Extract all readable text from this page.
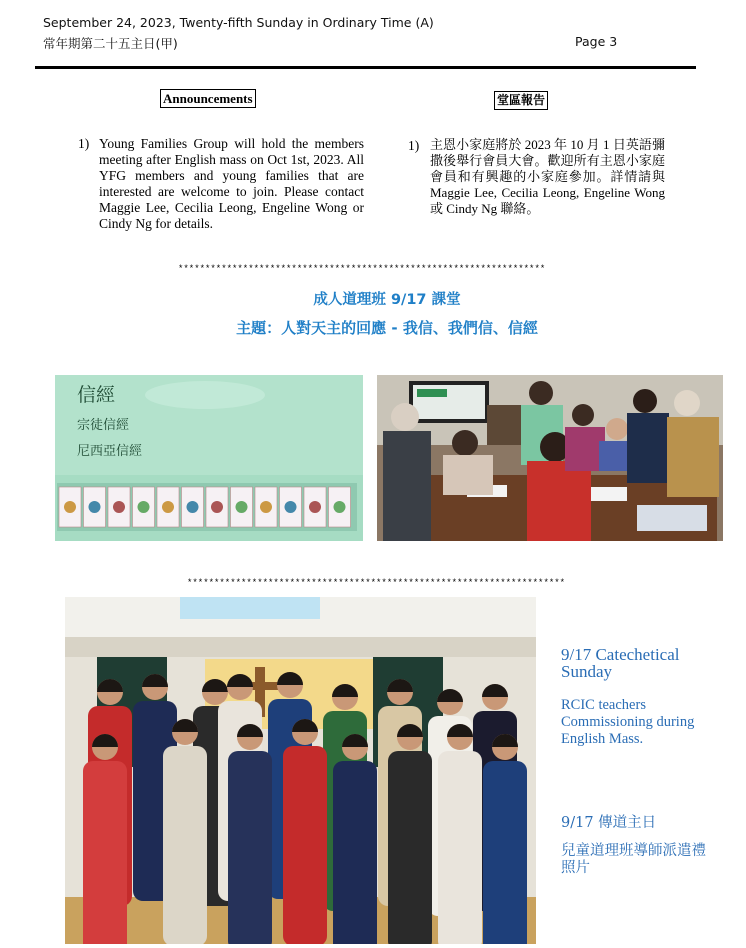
September 24, 2023, Twenty-fifth Sunday in Ordinary Time (A)
常年期第二十五主日(甲)	Page 3
Announcements	堂區報告
1) Young Families Group will hold the members meeting after English mass on Oct 1st, 2023. All YFG members and young families that are interested are welcome to join. Please contact Maggie Lee, Cecilia Leong, Engeline Wong or Cindy Ng for details.
1) 主恩小家庭將於 2023 年 10 月 1 日英語彌撒後舉行會員大會。歡迎所有主恩小家庭會員和有興趣的小家庭參加。詳情請與 Maggie Lee, Cecilia Leong, Engeline Wong 或 Cindy Ng 聯絡。
********************************************************************
成人道理班 9/17 課堂
主題：人對天主的回應 - 我信、我們信、信經
信經
宗徒信經
尼西亞信經
**********************************************************************
9/17 Catechetical Sunday
RCIC teachers Commissioning during English Mass.
9/17 傳道主日
兒童道理班導師派遣禮照片
